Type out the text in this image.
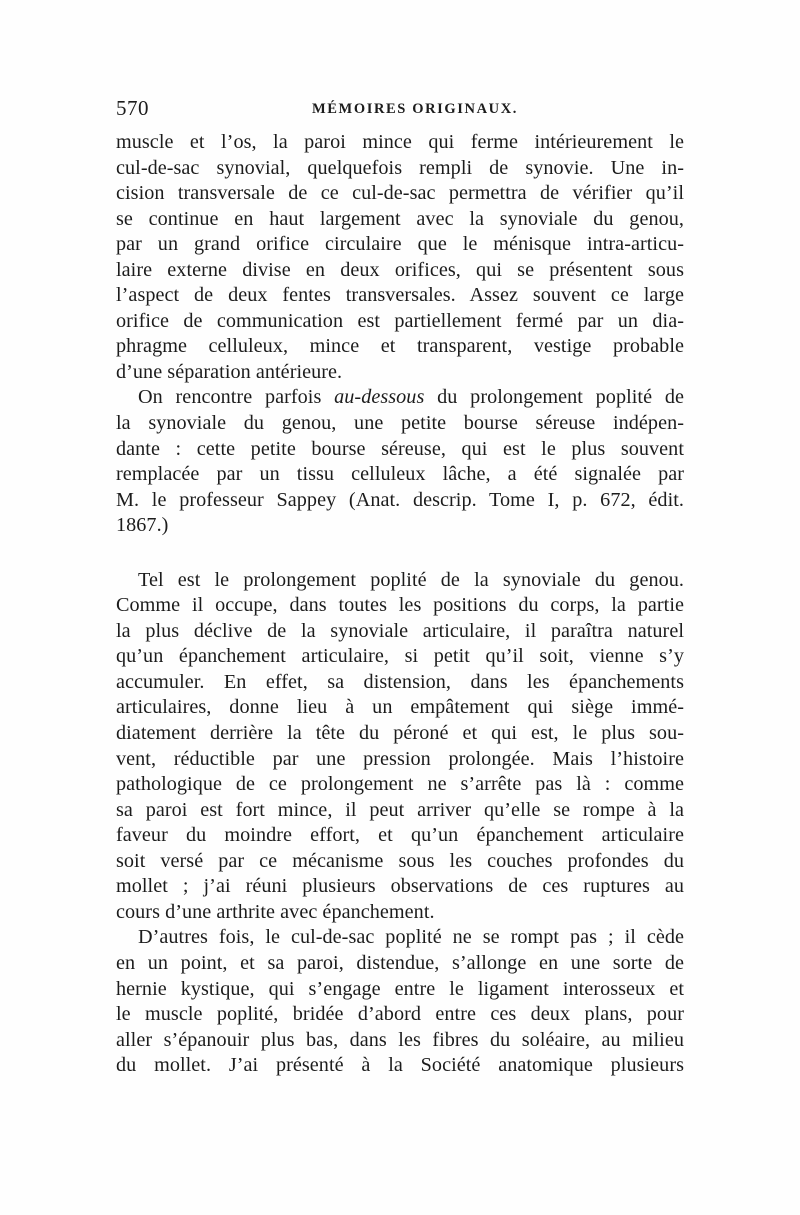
570	MÉMOIRES ORIGINAUX.

muscle et l’os, la paroi mince qui ferme intérieurement le
cul-de-sac synovial, quelquefois rempli de synovie. Une in-
cision transversale de ce cul-de-sac permettra de vérifier qu’il
se continue en haut largement avec la synoviale du genou,
par un grand orifice circulaire que le ménisque intra-articu-
laire externe divise en deux orifices, qui se présentent sous
l’aspect de deux fentes transversales. Assez souvent ce large
orifice de communication est partiellement fermé par un dia-
phragme celluleux, mince et transparent, vestige probable
d’une séparation antérieure.

On rencontre parfois au-dessous du prolongement poplité de
la synoviale du genou, une petite bourse séreuse indépen-
dante : cette petite bourse séreuse, qui est le plus souvent
remplacée par un tissu celluleux lâche, a été signalée par
M. le professeur Sappey (Anat. descrip. Tome I, p. 672, édit.
1867.)

Tel est le prolongement poplité de la synoviale du genou.
Comme il occupe, dans toutes les positions du corps, la partie
la plus déclive de la synoviale articulaire, il paraîtra naturel
qu’un épanchement articulaire, si petit qu’il soit, vienne s’y
accumuler. En effet, sa distension, dans les épanchements
articulaires, donne lieu à un empâtement qui siège immé-
diatement derrière la tête du péroné et qui est, le plus sou-
vent, réductible par une pression prolongée. Mais l’histoire
pathologique de ce prolongement ne s’arrête pas là : comme
sa paroi est fort mince, il peut arriver qu’elle se rompe à la
faveur du moindre effort, et qu’un épanchement articulaire
soit versé par ce mécanisme sous les couches profondes du
mollet ; j’ai réuni plusieurs observations de ces ruptures au
cours d’une arthrite avec épanchement.

D’autres fois, le cul-de-sac poplité ne se rompt pas ; il cède
en un point, et sa paroi, distendue, s’allonge en une sorte de
hernie kystique, qui s’engage entre le ligament interosseux et
le muscle poplité, bridée d’abord entre ces deux plans, pour
aller s’épanouir plus bas, dans les fibres du soléaire, au milieu
du mollet. J’ai présenté à la Société anatomique plusieurs
